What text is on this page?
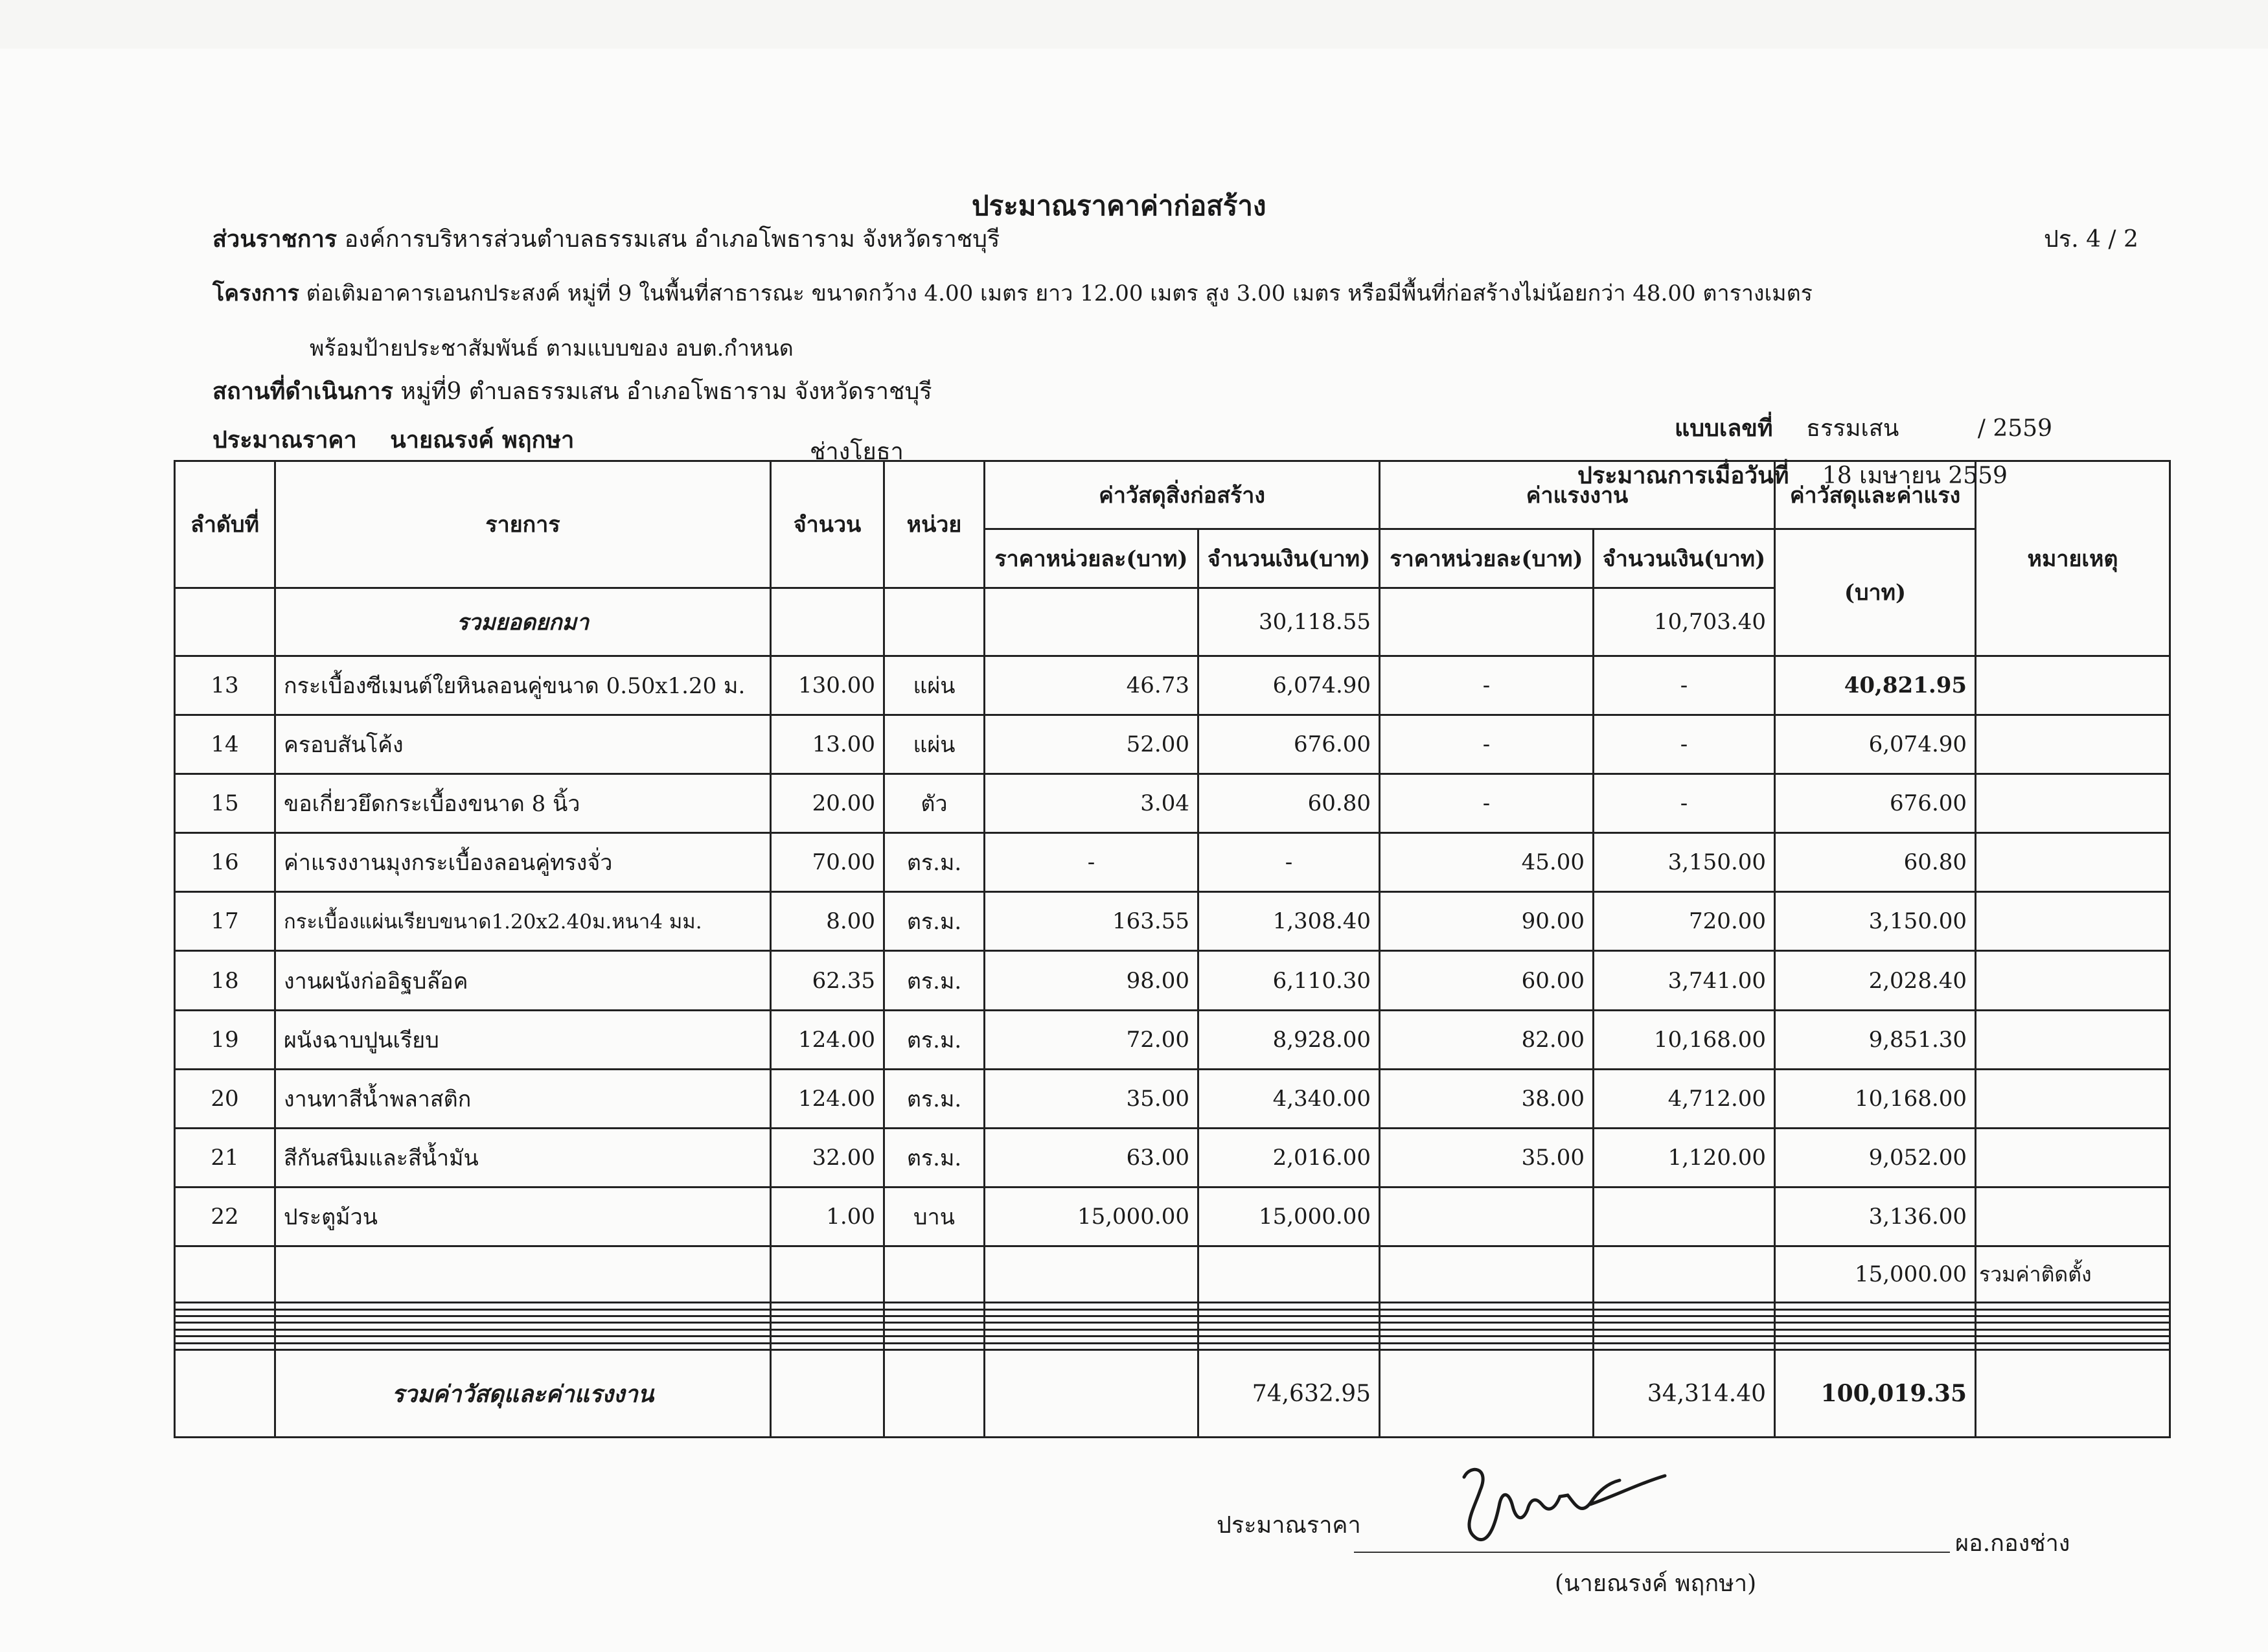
ประมาณราคาค่าก่อสร้าง
ปร. 4 / 2
ส่วนราชการ องค์การบริหารส่วนตำบลธรรมเสน อำเภอโพธาราม จังหวัดราชบุรี
โครงการ ต่อเติมอาคารเอนกประสงค์ หมู่ที่ 9 ในพื้นที่สาธารณะ ขนาดกว้าง 4.00 เมตร ยาว 12.00 เมตร สูง 3.00 เมตร หรือมีพื้นที่ก่อสร้างไม่น้อยกว่า 48.00 ตารางเมตร
พร้อมป้ายประชาสัมพันธ์ ตามแบบของ อบต.กำหนด
สถานที่ดำเนินการ หมู่ที่9 ตำบลธรรมเสน อำเภอโพธาราม จังหวัดราชบุรี
ประมาณราคา นายณรงค์ พฤกษา	ช่างโยธา
แบบเลขที่ ธรรมเสน	/ 2559
ประมาณการเมื่อวันที่ 18 เมษายน 2559
ลำดับที่	รายการ	จำนวน	หน่วย	ค่าวัสดุสิ่งก่อสร้าง		ค่าแรงงาน		ค่าวัสดุและค่าแรง	หมายเหตุ
				ราคาหน่วยละ(บาท)	จำนวนเงิน(บาท)	ราคาหน่วยละ(บาท)	จำนวนเงิน(บาท)	(บาท)	
	รวมยอดยกมา				30,118.55		10,703.40		
13	กระเบื้องซีเมนต์ใยหินลอนคู่ขนาด 0.50x1.20 ม.	130.00	แผ่น	46.73	6,074.90	-	-	40,821.95	
14	ครอบสันโค้ง	13.00	แผ่น	52.00	676.00	-	-	6,074.90	
15	ขอเกี่ยวยึดกระเบื้องขนาด 8 นิ้ว	20.00	ตัว	3.04	60.80	-	-	676.00	
16	ค่าแรงงานมุงกระเบื้องลอนคู่ทรงจั่ว	70.00	ตร.ม.	-	-	45.00	3,150.00	60.80	
17	กระเบื้องแผ่นเรียบขนาด1.20x2.40ม.หนา4 มม.	8.00	ตร.ม.	163.55	1,308.40	90.00	720.00	3,150.00	
18	งานผนังก่ออิฐบล๊อค	62.35	ตร.ม.	98.00	6,110.30	60.00	3,741.00	2,028.40	
19	ผนังฉาบปูนเรียบ	124.00	ตร.ม.	72.00	8,928.00	82.00	10,168.00	9,851.30	
20	งานทาสีน้ำพลาสติก	124.00	ตร.ม.	35.00	4,340.00	38.00	4,712.00	10,168.00	
21	สีกันสนิมและสีน้ำมัน	32.00	ตร.ม.	63.00	2,016.00	35.00	1,120.00	9,052.00	
22	ประตูม้วน	1.00	บาน	15,000.00	15,000.00			3,136.00	
								15,000.00	รวมค่าติดตั้ง

	รวมค่าวัสดุและค่าแรงงาน				74,632.95		34,314.40	100,019.35	
ประมาณราคา
ผอ.กองช่าง
(นายณรงค์ พฤกษา)
